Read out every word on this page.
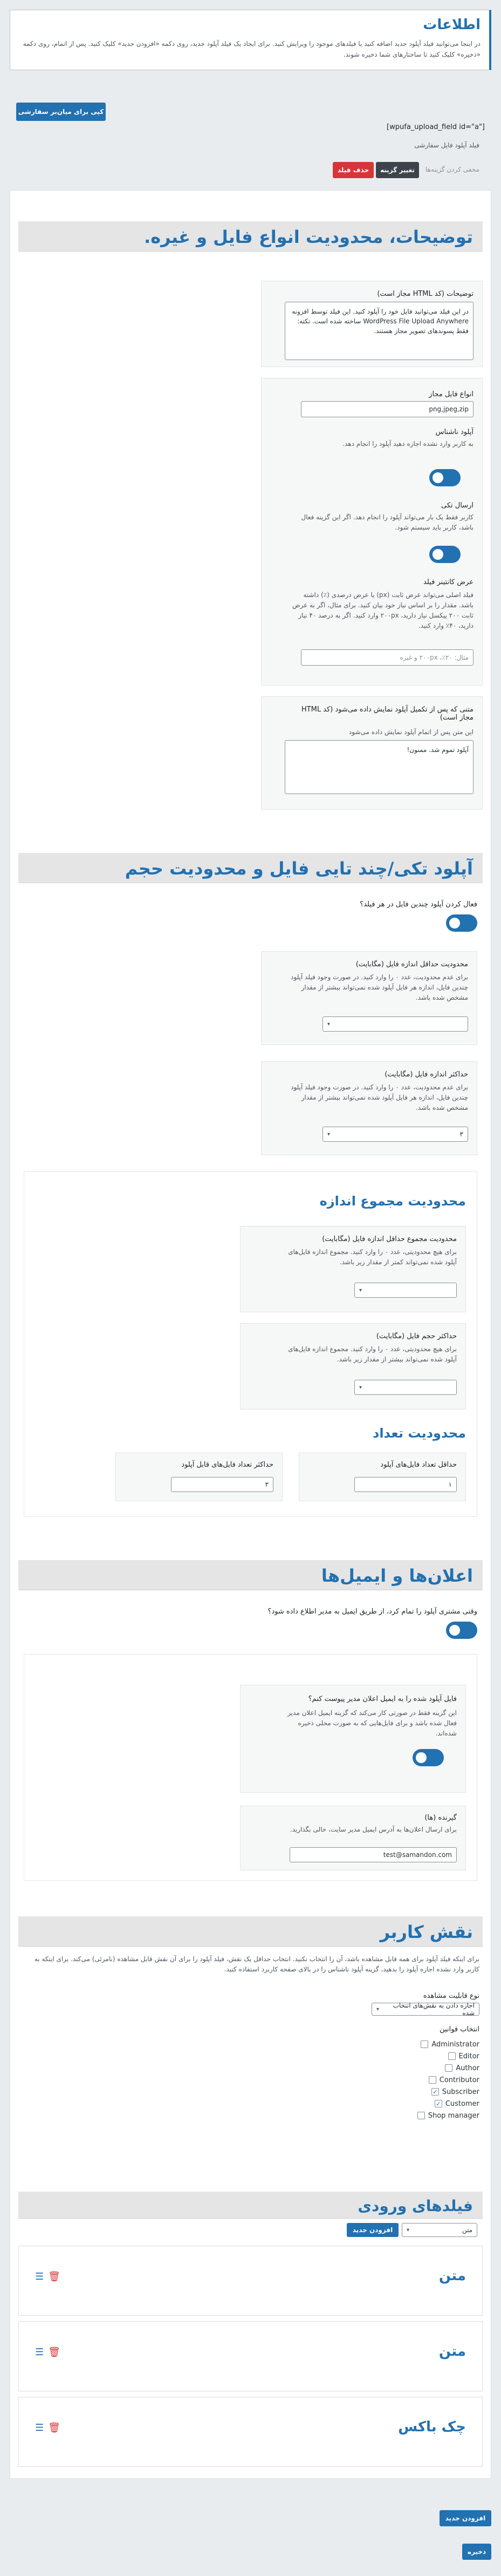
اطلاعات
در اینجا می‌توانید فیلد آپلود جدید اضافه کنید یا فیلدهای موجود را ویرایش کنید. برای ایجاد یک فیلد آپلود جدید، روی دکمه «افزودن جدید» کلیک کنید. پس از اتمام، روی دکمه «ذخیره» کلیک کنید تا ساختارهای شما ذخیره شوند.
کپی برای میان‌بر سفارشی
[wpufa_upload_field id="a"]
فیلد آپلود فایل سفارشی
مخفی کردن گزینه‌ها
تغییر گزینه
حذف فیلد
توضیحات، محدودیت انواع فایل و غیره.
توضیحات (کد HTML مجاز است)
در این فیلد می‌توانید فایل خود را آپلود کنید. این فیلد توسط افزونه WordPress File Upload Anywhere ساخته شده است. نکته: فقط پسوندهای تصویر مجاز هستند.
انواع فایل مجاز
png,jpeg,zip
آپلود ناشناس
به کاربر وارد نشده اجازه دهید آپلود را انجام دهد.
ارسال تکی
کاربر فقط یک بار می‌تواند آپلود را انجام دهد. اگر این گزینه فعال باشد، کاربر باید سیستم شود.
عرض کانتینر فیلد
فیلد اصلی می‌تواند عرض ثابت (px) یا عرض درصدی (٪) داشته باشد. مقدار را بر اساس نیاز خود بیان کنید. برای مثال، اگر به عرض ثابت ۲۰۰ پیکسل نیاز دارید، ۲۰۰px وارد کنید. اگر به درصد ۴۰ نیاز دارید، ۴۰٪ وارد کنید.
مثال: ۲۰٪، ۲۰۰px و غیره
متنی که پس از تکمیل آپلود نمایش داده می‌شود (کد HTML مجاز است)
این متن پس از اتمام آپلود نمایش داده می‌شود
آپلود تموم شد. ممنون!
آپلود تکی/چند تایی فایل و محدودیت حجم
فعال کردن آپلود چندین فایل در هر فیلد؟
محدودیت حداقل اندازه فایل (مگابایت)
برای عدم محدودیت، عدد ۰ را وارد کنید. در صورت وجود فیلد آپلود چندین فایل، اندازه هر فایل آپلود شده نمی‌تواند بیشتر از مقدار مشخص شده باشد.
▾
حداکثر اندازه فایل (مگابایت)
برای عدم محدودیت، عدد ۰ را وارد کنید. در صورت وجود فیلد آپلود چندین فایل، اندازه هر فایل آپلود شده نمی‌تواند بیشتر از مقدار مشخص شده باشد.
۳
▾
محدودیت مجموع اندازه
محدودیت مجموع حداقل اندازه فایل (مگابایت)
برای هیچ محدودیتی، عدد ۰ را وارد کنید. مجموع اندازه فایل‌های آپلود شده نمی‌تواند کمتر از مقدار زیر باشد.
▾
حداکثر حجم فایل (مگابایت)
برای هیچ محدودیتی، عدد ۰ را وارد کنید. مجموع اندازه فایل‌های آپلود شده نمی‌تواند بیشتر از مقدار زیر باشد.
▾
محدودیت تعداد
حداقل تعداد فایل‌های آپلود
۱
حداکثر تعداد فایل‌های قابل آپلود
۳
اعلان‌ها و ایمیل‌ها
وقتی مشتری آپلود را تمام کرد، از طریق ایمیل به مدیر اطلاع داده شود؟
فایل آپلود شده را به ایمیل اعلان مدیر پیوست کنم؟
این گزینه فقط در صورتی کار می‌کند که گزینه ایمیل اعلان مدیر فعال شده باشد و برای فایل‌هایی که به صورت محلی ذخیره شده‌اند.
گیرنده (ها)
برای ارسال اعلان‌ها به آدرس ایمیل مدیر سایت، خالی بگذارید.
test@samandon.com
نقش کاربر
برای اینکه فیلد آپلود برای همه قابل مشاهده باشد، آن را انتخاب نکنید. انتخاب حداقل یک نقش، فیلد آپلود را برای آن نقش قابل مشاهده (نامرئی) می‌کند. برای اینکه به کاربر وارد نشده اجازه آپلود را بدهید، گزینه آپلود ناشناس را در بالای صفحه کاربرد استفاده کنید.
نوع قابلیت مشاهده
اجازه دادن به نقش‌های انتخاب شده
▾
انتخاب قوانین
Administrator
Editor
Author
Contributor
Subscriber
✓
Customer
✓
Shop manager
فیلدهای ورودی
متن
▾
افزودن جدید
متن
🗑
☰
متن
🗑
☰
چک باکس
🗑
☰
افزودن جدید
ذخیره
